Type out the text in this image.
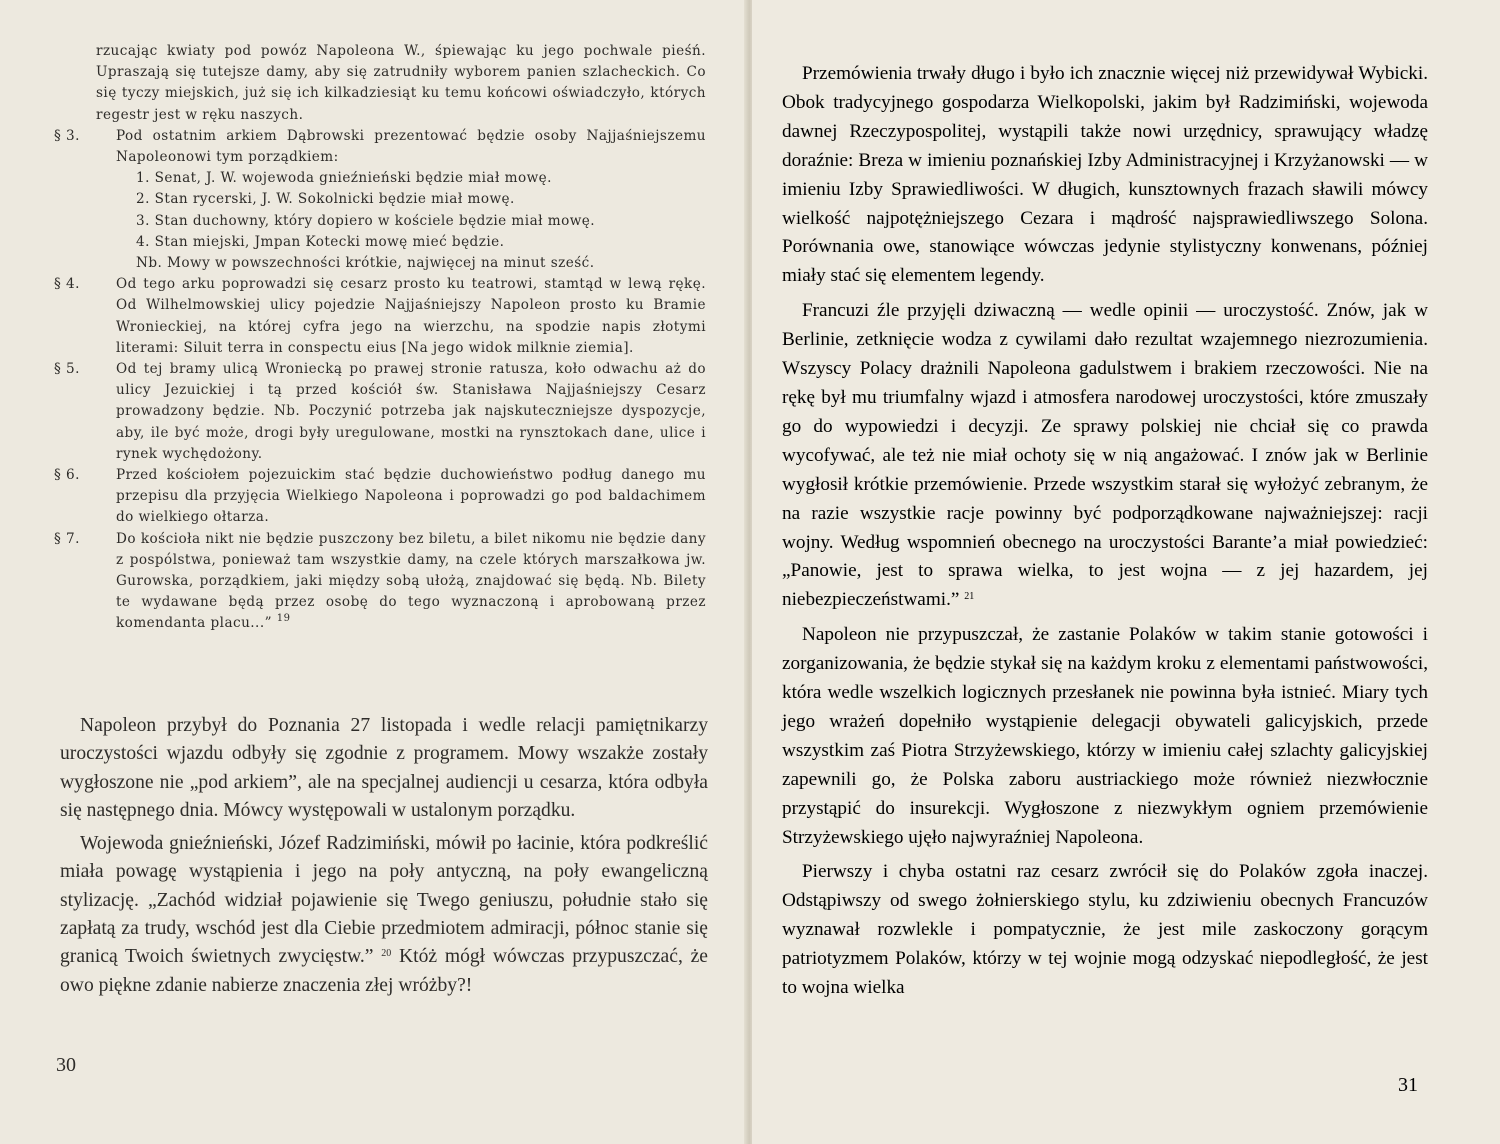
rzucając kwiaty pod powóz Napoleona W., śpiewając ku jego pochwale pieśń. Upraszają się tutejsze damy, aby się zatrudniły wyborem panien szlacheckich. Co się tyczy miejskich, już się ich kilkadziesiąt ku temu końcowi oświadczyło, których regestr jest w ręku naszych.

§ 3.	Pod ostatnim arkiem Dąbrowski prezentować będzie osoby Najjaśniejszemu Napoleonowi tym porządkiem:

1. Senat, J. W. wojewoda gnieźnieński będzie miał mowę.

2. Stan rycerski, J. W. Sokolnicki będzie miał mowę.

3. Stan duchowny, który dopiero w kościele będzie miał mowę.

4. Stan miejski, Jmpan Kotecki mowę mieć będzie.

Nb. Mowy w powszechności krótkie, najwięcej na minut sześć.

§ 4.	Od tego arku poprowadzi się cesarz prosto ku teatrowi, stamtąd w lewą rękę. Od Wilhelmowskiej ulicy pojedzie Najjaśniejszy Napoleon prosto ku Bramie Wronieckiej, na której cyfra jego na wierzchu, na spodzie napis złotymi literami: Siluit terra in conspectu eius [Na jego widok milknie ziemia].

§ 5.	Od tej bramy ulicą Wroniecką po prawej stronie ratusza, koło odwachu aż do ulicy Jezuickiej i tą przed kościół św. Stanisława Najjaśniejszy Cesarz prowadzony będzie. Nb. Poczynić potrzeba jak najskuteczniejsze dyspozycje, aby, ile być może, drogi były uregulowane, mostki na rynsztokach dane, ulice i rynek wychędożony.

§ 6.	Przed kościołem pojezuickim stać będzie duchowieństwo podług danego mu przepisu dla przyjęcia Wielkiego Napoleona i poprowadzi go pod baldachimem do wielkiego ołtarza.

§ 7.	Do kościoła nikt nie będzie puszczony bez biletu, a bilet nikomu nie będzie dany z pospólstwa, ponieważ tam wszystkie damy, na czele których marszałkowa jw. Gurowska, porządkiem, jaki między sobą ułożą, znajdować się będą. Nb. Bilety te wydawane będą przez osobę do tego wyznaczoną i aprobowaną przez komendanta placu...” $^{19}$

Napoleon przybył do Poznania 27 listopada i wedle relacji pamiętnikarzy uroczystości wjazdu odbyły się zgodnie z programem. Mowy wszakże zostały wygłoszone nie „pod arkiem”, ale na specjalnej audiencji u cesarza, która odbyła się następnego dnia. Mówcy występowali w ustalonym porządku.

Wojewoda gnieźnieński, Józef Radzimiński, mówił po łacinie, która podkreślić miała powagę wystąpienia i jego na poły antyczną, na poły ewangeliczną stylizację. „Zachód widział pojawienie się Twego geniuszu, południe stało się zapłatą za trudy, wschód jest dla Ciebie przedmiotem admiracji, północ stanie się granicą Twoich świetnych zwycięstw.” $^{20}$ Któż mógł wówczas przypuszczać, że owo piękne zdanie nabierze znaczenia złej wróżby?!

30

Przemówienia trwały długo i było ich znacznie więcej niż przewidywał Wybicki. Obok tradycyjnego gospodarza Wielkopolski, jakim był Radzimiński, wojewoda dawnej Rzeczypospolitej, wystąpili także nowi urzędnicy, sprawujący władzę doraźnie: Breza w imieniu poznańskiej Izby Administracyjnej i Krzyżanowski — w imieniu Izby Sprawiedliwości. W długich, kunsztownych frazach sławili mówcy wielkość najpotężniejszego Cezara i mądrość najsprawiedliwszego Solona. Porównania owe, stanowiące wówczas jedynie stylistyczny konwenans, później miały stać się elementem legendy.

Francuzi źle przyjęli dziwaczną — wedle opinii — uroczystość. Znów, jak w Berlinie, zetknięcie wodza z cywilami dało rezultat wzajemnego niezrozumienia. Wszyscy Polacy drażnili Napoleona gadulstwem i brakiem rzeczowości. Nie na rękę był mu triumfalny wjazd i atmosfera narodowej uroczystości, które zmuszały go do wypowiedzi i decyzji. Ze sprawy polskiej nie chciał się co prawda wycofywać, ale też nie miał ochoty się w nią angażować. I znów jak w Berlinie wygłosił krótkie przemówienie. Przede wszystkim starał się wyłożyć zebranym, że na razie wszystkie racje powinny być podporządkowane najważniejszej: racji wojny. Według wspomnień obecnego na uroczystości Barante’a miał powiedzieć: „Panowie, jest to sprawa wielka, to jest wojna — z jej hazardem, jej niebezpieczeństwami.” $^{21}$

Napoleon nie przypuszczał, że zastanie Polaków w takim stanie gotowości i zorganizowania, że będzie stykał się na każdym kroku z elementami państwowości, która wedle wszelkich logicznych przesłanek nie powinna była istnieć. Miary tych jego wrażeń dopełniło wystąpienie delegacji obywateli galicyjskich, przede wszystkim zaś Piotra Strzyżewskiego, którzy w imieniu całej szlachty galicyjskiej zapewnili go, że Polska zaboru austriackiego może również niezwłocznie przystąpić do insurekcji. Wygłoszone z niezwykłym ogniem przemówienie Strzyżewskiego ujęło najwyraźniej Napoleona.

Pierwszy i chyba ostatni raz cesarz zwrócił się do Polaków zgoła inaczej. Odstąpiwszy od swego żołnierskiego stylu, ku zdziwieniu obecnych Francuzów wyznawał rozwlekle i pompatycznie, że jest mile zaskoczony gorącym patriotyzmem Polaków, którzy w tej wojnie mogą odzyskać niepodległość, że jest to wojna wielka

31
